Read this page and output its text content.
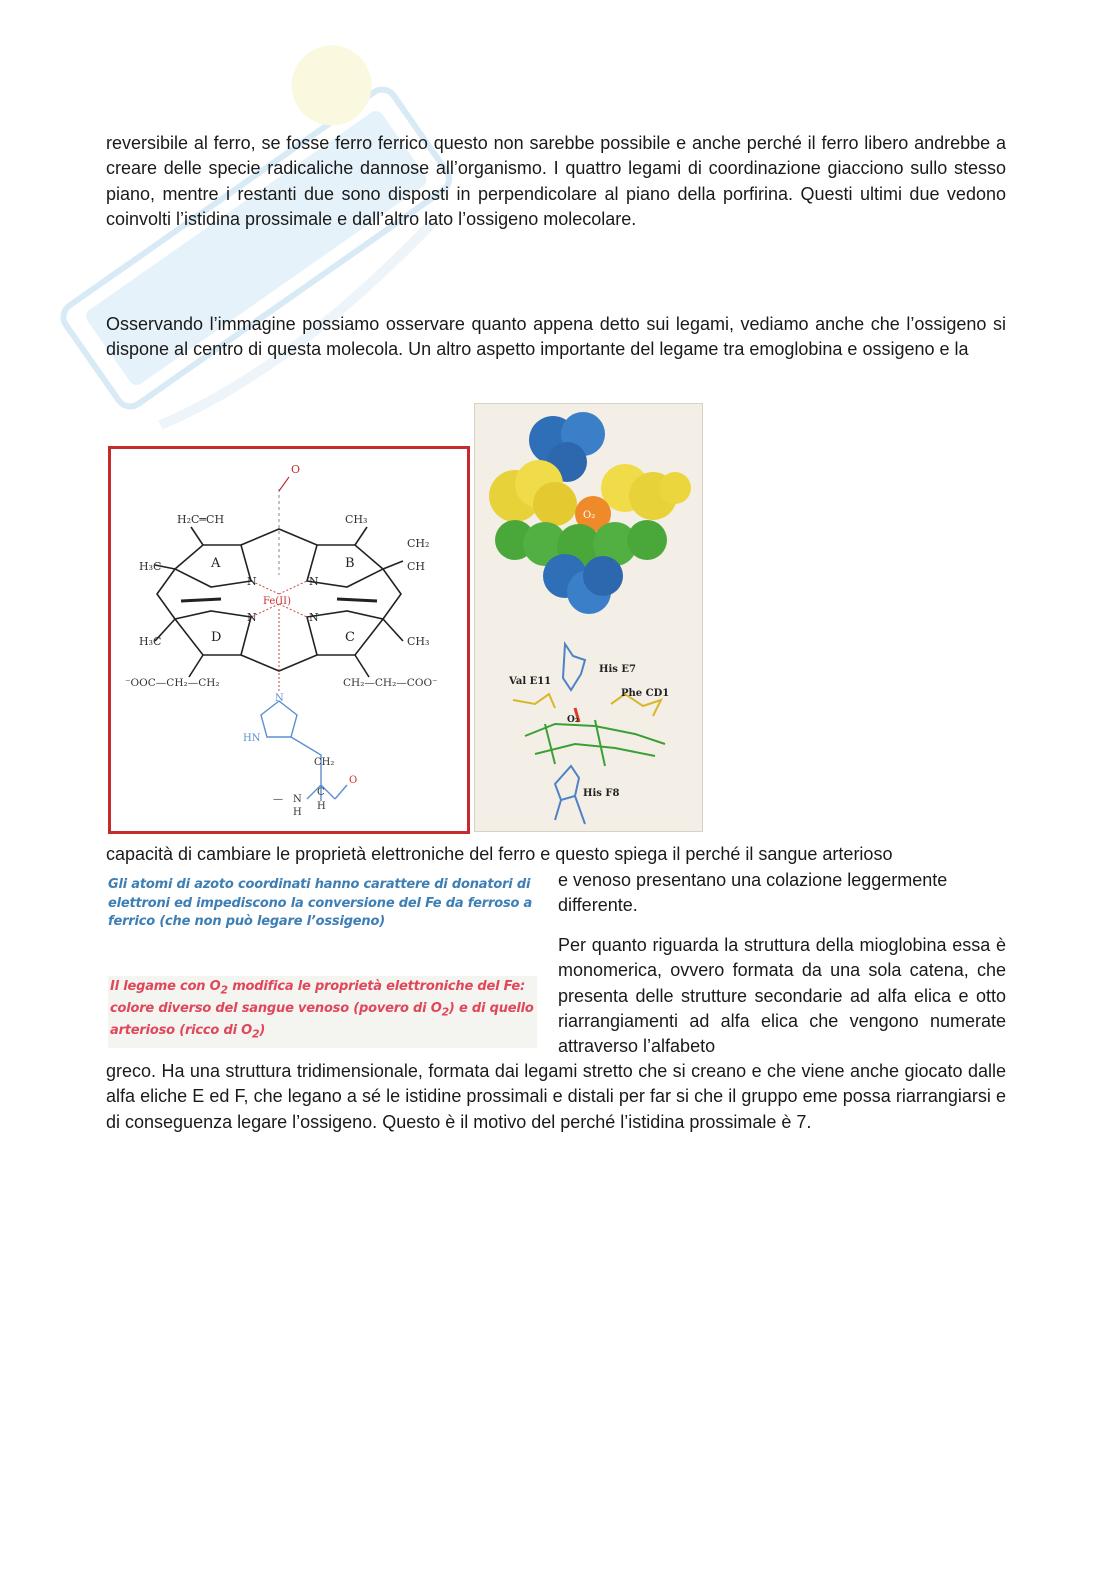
reversibile al ferro, se fosse ferro ferrico questo non sarebbe possibile e anche perché il ferro libero andrebbe a creare delle specie radicaliche dannose all’organismo. I quattro legami di coordinazione giacciono sullo stesso piano, mentre i restanti due sono disposti in perpendicolare al piano della porfirina. Questi ultimi due vedono coinvolti l’istidina prossimale e dall’altro lato l’ossigeno molecolare.

Osservando l’immagine possiamo osservare quanto appena detto sui legami, vediamo anche che l’ossigeno si dispone al centro di questa molecola. Un altro aspetto importante del legame tra emoglobina e ossigeno e la

O
H₂C═CH	CH₃
CH₂
CH
H₃C
H₃C	CH₃
⁻OOC—CH₂—CH₂	CH₂—CH₂—COO⁻
A	B
C
D
N	N
N	N
Fe(II)
N
HN
CH₂
C
O
— N
H
H
O₂
His E7
Val E11
Phe CD1
O₂
His F8

capacità di cambiare le proprietà elettroniche del ferro e questo spiega il perché il sangue arterioso

Gli atomi di azoto coordinati hanno carattere di donatori di elettroni ed impediscono la conversione del Fe da ferroso a ferrico (che non può legare l’ossigeno)

Il legame con $O_2$ modifica le proprietà elettroniche del Fe: colore diverso del sangue venoso (povero di $O_2$) e di quello arterioso (ricco di $O_2$)

e venoso presentano una colazione leggermente differente.

Per quanto riguarda la struttura della mioglobina essa è monomerica, ovvero formata da una sola catena, che presenta delle strutture secondarie ad alfa elica e otto riarrangiamenti ad alfa elica che vengono numerate attraverso l’alfabeto

greco. Ha una struttura tridimensionale, formata dai legami stretto che si creano e che viene anche giocato dalle alfa eliche E ed F, che legano a sé le istidine prossimali e distali per far si che il gruppo eme possa riarrangiarsi e di conseguenza legare l’ossigeno. Questo è il motivo del perché l’istidina prossimale è 7.
